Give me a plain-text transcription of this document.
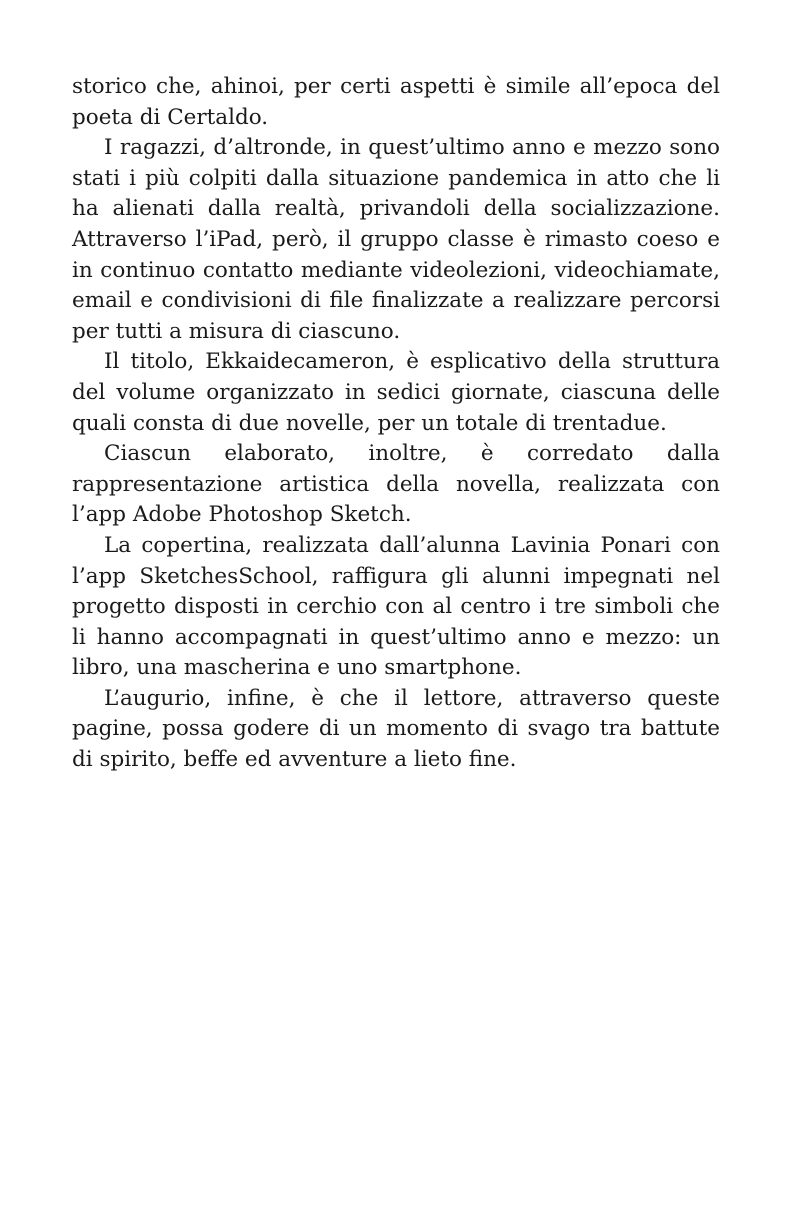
storico che, ahinoi, per certi aspetti è simile all’epoca del poeta di Certaldo.

I ragazzi, d’altronde, in quest’ultimo anno e mezzo sono stati i più colpiti dalla situazione pandemica in atto che li ha alienati dalla realtà, privandoli della socializzazione. Attraverso l’iPad, però, il gruppo classe è rimasto coeso e in continuo contatto mediante videolezioni, videochiamate, email e condivisioni di file finalizzate a realizzare percorsi per tutti a misura di ciascuno.

Il titolo, Ekkaidecameron, è esplicativo della struttura del volume organizzato in sedici giornate, ciascuna delle quali consta di due novelle, per un totale di trentadue.

Ciascun elaborato, inoltre, è corredato dalla rappresentazione artistica della novella, realizzata con l’app Adobe Photoshop Sketch.

La copertina, realizzata dall’alunna Lavinia Ponari con l’app SketchesSchool, raffigura gli alunni impegnati nel progetto disposti in cerchio con al centro i tre simboli che li hanno accompagnati in quest’ultimo anno e mezzo: un libro, una mascherina e uno smartphone.

L’augurio, infine, è che il lettore, attraverso queste pagine, possa godere di un momento di svago tra battute di spirito, beffe ed avventure a lieto fine.
